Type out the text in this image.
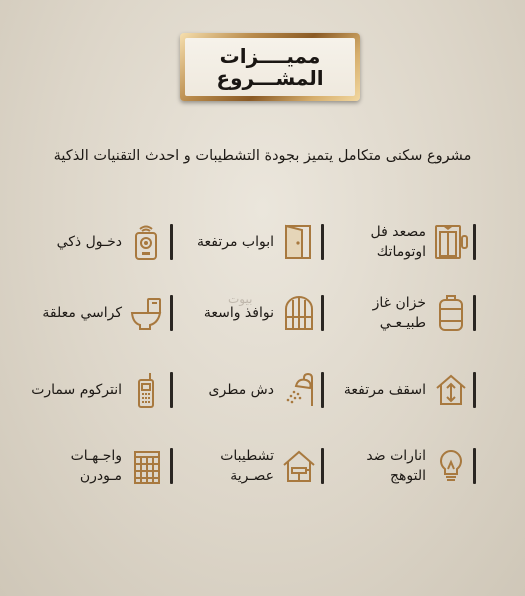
مميــــزات
المشـــروع
مشروع سكنى متكامل يتميز بجودة التشطيبات و احدث التقنيات الذكية
ﺑﻴﻮﺕ
مصعد فل
اوتوماتك
ابواب مرتفعة
دخـول ذكي
خزان غاز
طبيـعـي
نوافذ واسعة
كراسي معلقة
اسقف مرتفعة
دش مطرى
انتركوم سمارت
انارات ضد
التوهج
تشطيبات
عصـرية
واجـهـات
مـودرن
